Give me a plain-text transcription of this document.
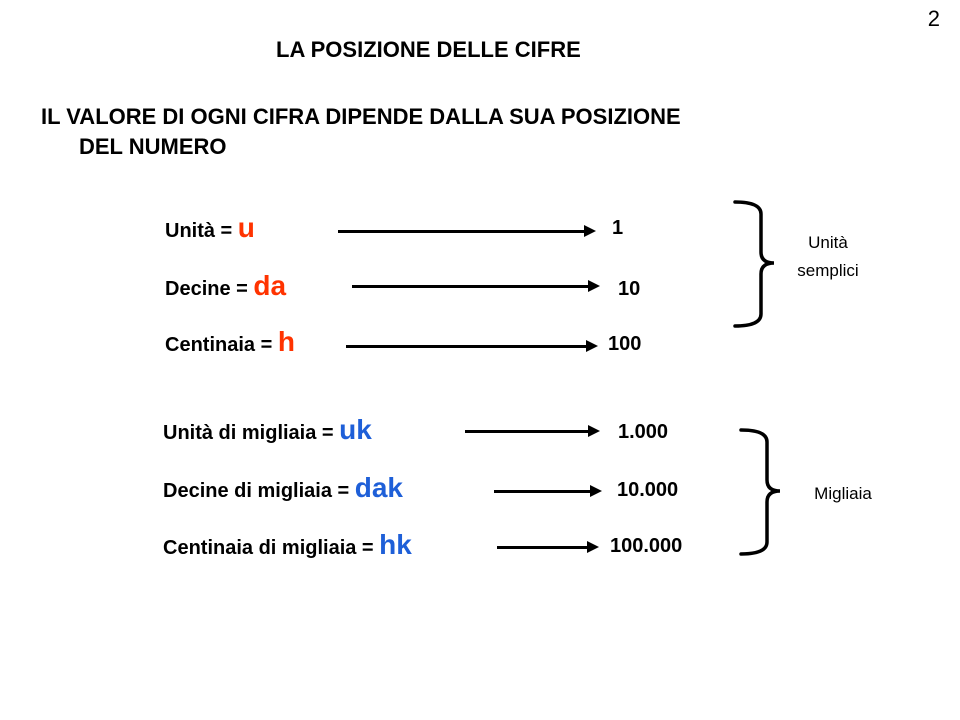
2
LA POSIZIONE DELLE CIFRE
IL VALORE DI OGNI CIFRA DIPENDE DALLA SUA POSIZIONE
DEL NUMERO
Unità = u	1
Decine = da	10
Centinaia = h	100
Unità di migliaia = uk	1.000
Decine di migliaia = dak	10.000
Centinaia di migliaia = hk	100.000
Unità
semplici
Migliaia
